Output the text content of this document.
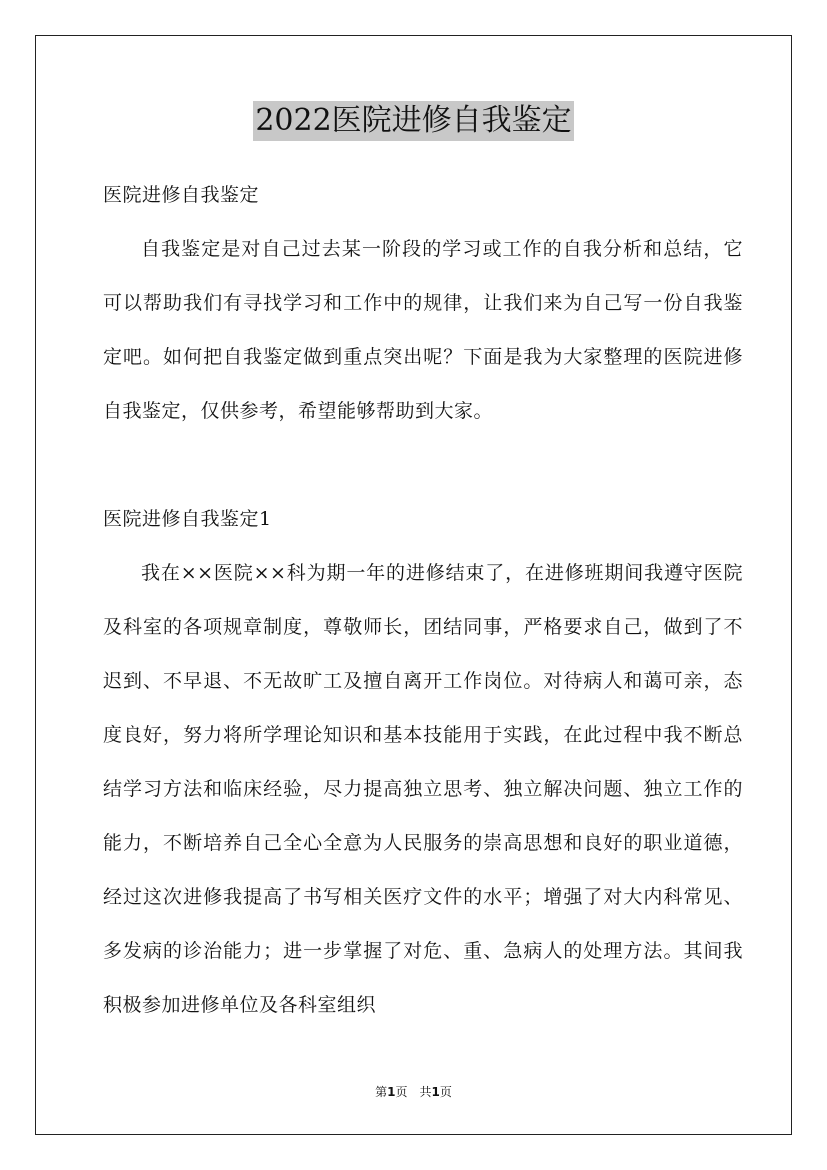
2022医院进修自我鉴定

医院进修自我鉴定

自我鉴定是对自己过去某一阶段的学习或工作的自我分析和总结，它可以帮助我们有寻找学习和工作中的规律，让我们来为自己写一份自我鉴定吧。如何把自我鉴定做到重点突出呢？下面是我为大家整理的医院进修自我鉴定，仅供参考，希望能够帮助到大家。

医院进修自我鉴定1

我在××医院××科为期一年的进修结束了，在进修班期间我遵守医院及科室的各项规章制度，尊敬师长，团结同事，严格要求自己，做到了不迟到、不早退、不无故旷工及擅自离开工作岗位。对待病人和蔼可亲，态度良好，努力将所学理论知识和基本技能用于实践，在此过程中我不断总结学习方法和临床经验，尽力提高独立思考、独立解决问题、独立工作的能力，不断培养自己全心全意为人民服务的崇高思想和良好的职业道德，经过这次进修我提高了书写相关医疗文件的水平；增强了对大内科常见、多发病的诊治能力；进一步掌握了对危、重、急病人的处理方法。其间我积极参加进修单位及各科室组织

第1页　共1页
